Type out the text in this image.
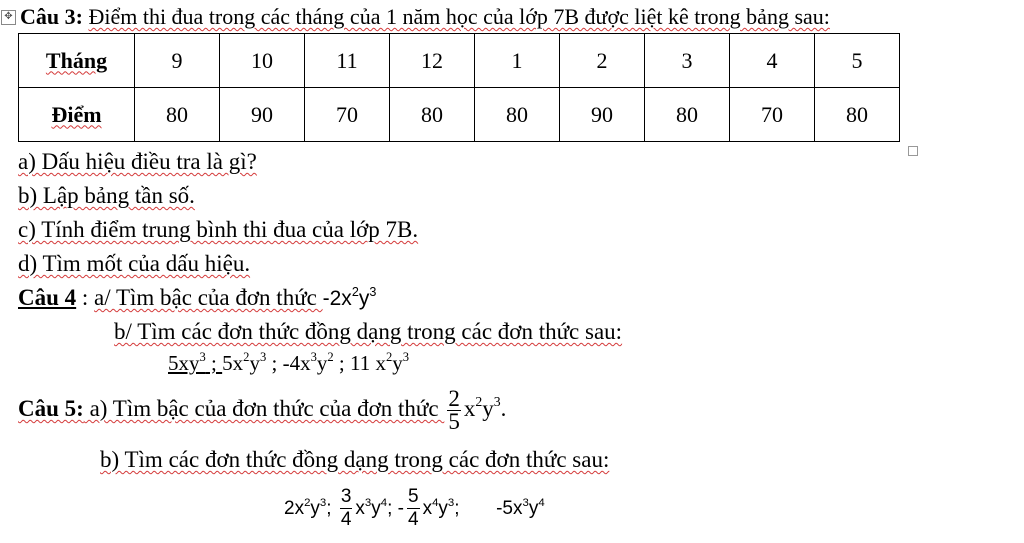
✥ Câu 3: Điểm thi đua trong các tháng của 1 năm học của lớp 7B được liệt kê trong bảng sau:
Tháng	9	10	11	12	1	2	3	4	5
Điểm	80	90	70	80	80	90	80	70	80
a) Dấu hiệu điều tra là gì?
b) Lập bảng tần số.
c) Tính điểm trung bình thi đua của lớp 7B.
d) Tìm mốt của dấu hiệu.
Câu 4 : a/ Tìm bậc của đơn thức $-2x^2y^3$
b/ Tìm các đơn thức đồng dạng trong các đơn thức sau:
$5xy^3$ ; $5x^2y^3$ ; $-4x^3y^2$ ; 11 $x^2y^3$
Câu 5: a) Tìm bậc của đơn thức của đơn thức $\frac{2}{5} x^2y^3$.
b) Tìm các đơn thức đồng dạng trong các đơn thức sau:
$2x^2y^3$; $\frac{3}{4} x^3y^4$; - $\frac{5}{4} x^4y^3$; $-5x^3y^4$
